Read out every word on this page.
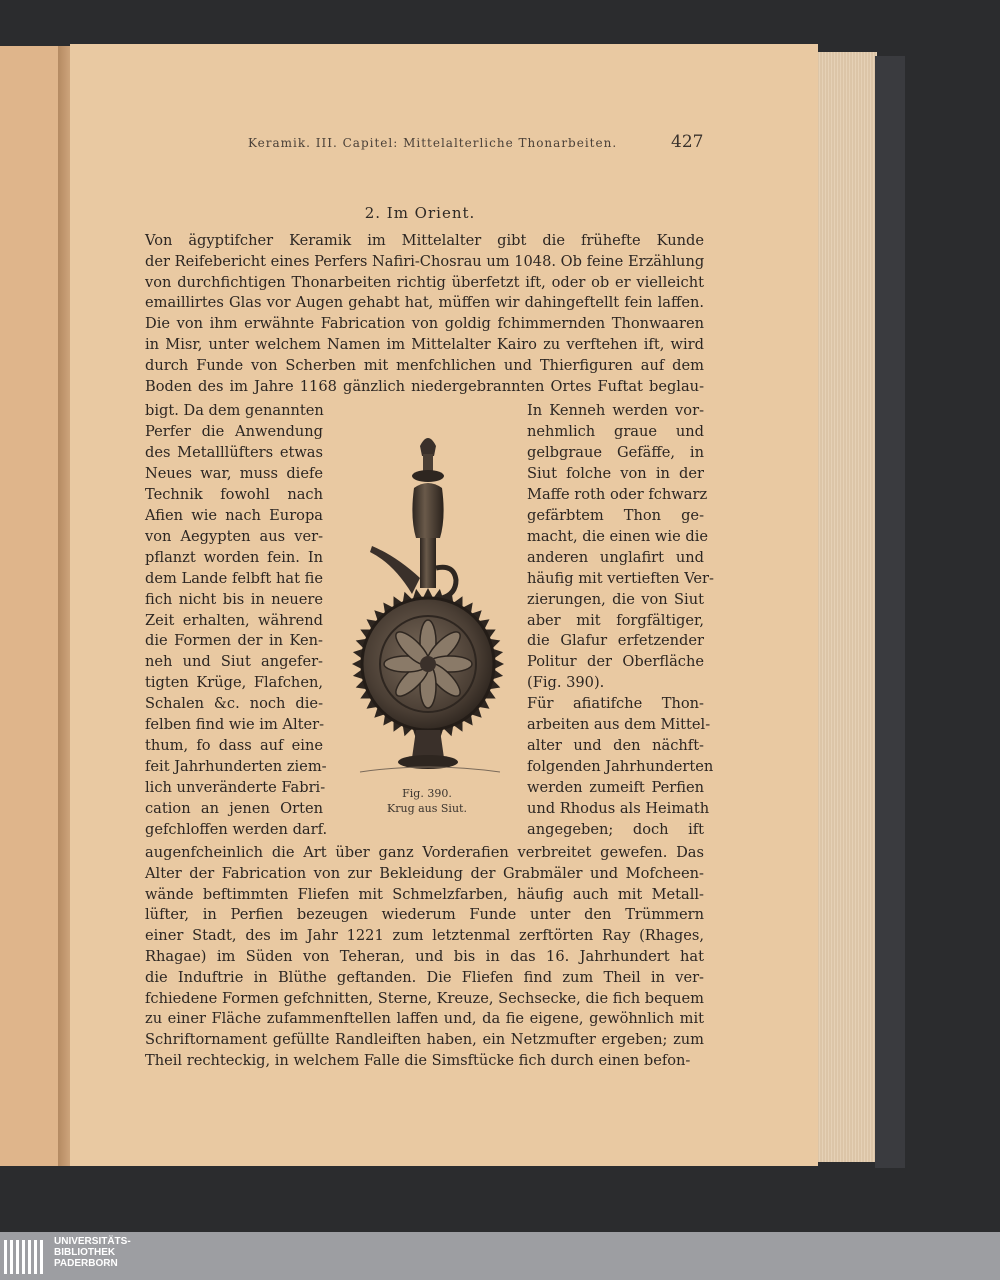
Keramik. III. Capitel: Mittelalterliche Thonarbeiten.	427
2. Im Orient.
Von ägyptifcher Keramik im Mittelalter gibt die frühefte Kunde
der Reifebericht eines Perfers Nafiri-Chosrau um 1048. Ob feine Erzählung
von durchfichtigen Thonarbeiten richtig überfetzt ift, oder ob er vielleicht
emaillirtes Glas vor Augen gehabt hat, müffen wir dahingeftellt fein laffen.
Die von ihm erwähnte Fabrication von goldig fchimmernden Thonwaaren
in Misr, unter welchem Namen im Mittelalter Kairo zu verftehen ift, wird
durch Funde von Scherben mit menfchlichen und Thierfiguren auf dem
Boden des im Jahre 1168 gänzlich niedergebrannten Ortes Fuftat beglau-
bigt. Da dem genannten
Perfer die Anwendung
des Metalllüfters etwas
Neues war, muss diefe
Technik fowohl nach
Afien wie nach Europa
von Aegypten aus ver-
pflanzt worden fein. In
dem Lande felbft hat fie
fich nicht bis in neuere
Zeit erhalten, während
die Formen der in Ken-
neh und Siut angefer-
tigten Krüge, Flafchen,
Schalen &c. noch die-
felben find wie im Alter-
thum, fo dass auf eine
feit Jahrhunderten ziem-
lich unveränderte Fabri-
cation an jenen Orten
gefchloffen werden darf.
In Kenneh werden vor-
nehmlich graue und
gelbgraue Gefäffe, in
Siut folche von in der
Maffe roth oder fchwarz
gefärbtem Thon ge-
macht, die einen wie die
anderen unglafirt und
häufig mit vertieften Ver-
zierungen, die von Siut
aber mit forgfältiger,
die Glafur erfetzender
Politur der Oberfläche
(Fig. 390).
Für afiatifche Thon-
arbeiten aus dem Mittel-
alter und den nächft-
folgenden Jahrhunderten
werden zumeift Perfien
und Rhodus als Heimath
angegeben; doch ift
augenfcheinlich die Art über ganz Vorderafien verbreitet gewefen. Das
Alter der Fabrication von zur Bekleidung der Grabmäler und Mofcheen-
wände beftimmten Fliefen mit Schmelzfarben, häufig auch mit Metall-
lüfter, in Perfien bezeugen wiederum Funde unter den Trümmern
einer Stadt, des im Jahr 1221 zum letztenmal zerftörten Ray (Rhages,
Rhagae) im Süden von Teheran, und bis in das 16. Jahrhundert hat
die Induftrie in Blüthe geftanden. Die Fliefen find zum Theil in ver-
fchiedene Formen gefchnitten, Sterne, Kreuze, Sechsecke, die fich bequem
zu einer Fläche zufammenftellen laffen und, da fie eigene, gewöhnlich mit
Schriftornament gefüllte Randleiften haben, ein Netzmufter ergeben; zum
Theil rechteckig, in welchem Falle die Simsftücke fich durch einen befon-
Fig. 390.
Krug aus Siut.
UNIVERSITÄTS-
BIBLIOTHEK
PADERBORN
